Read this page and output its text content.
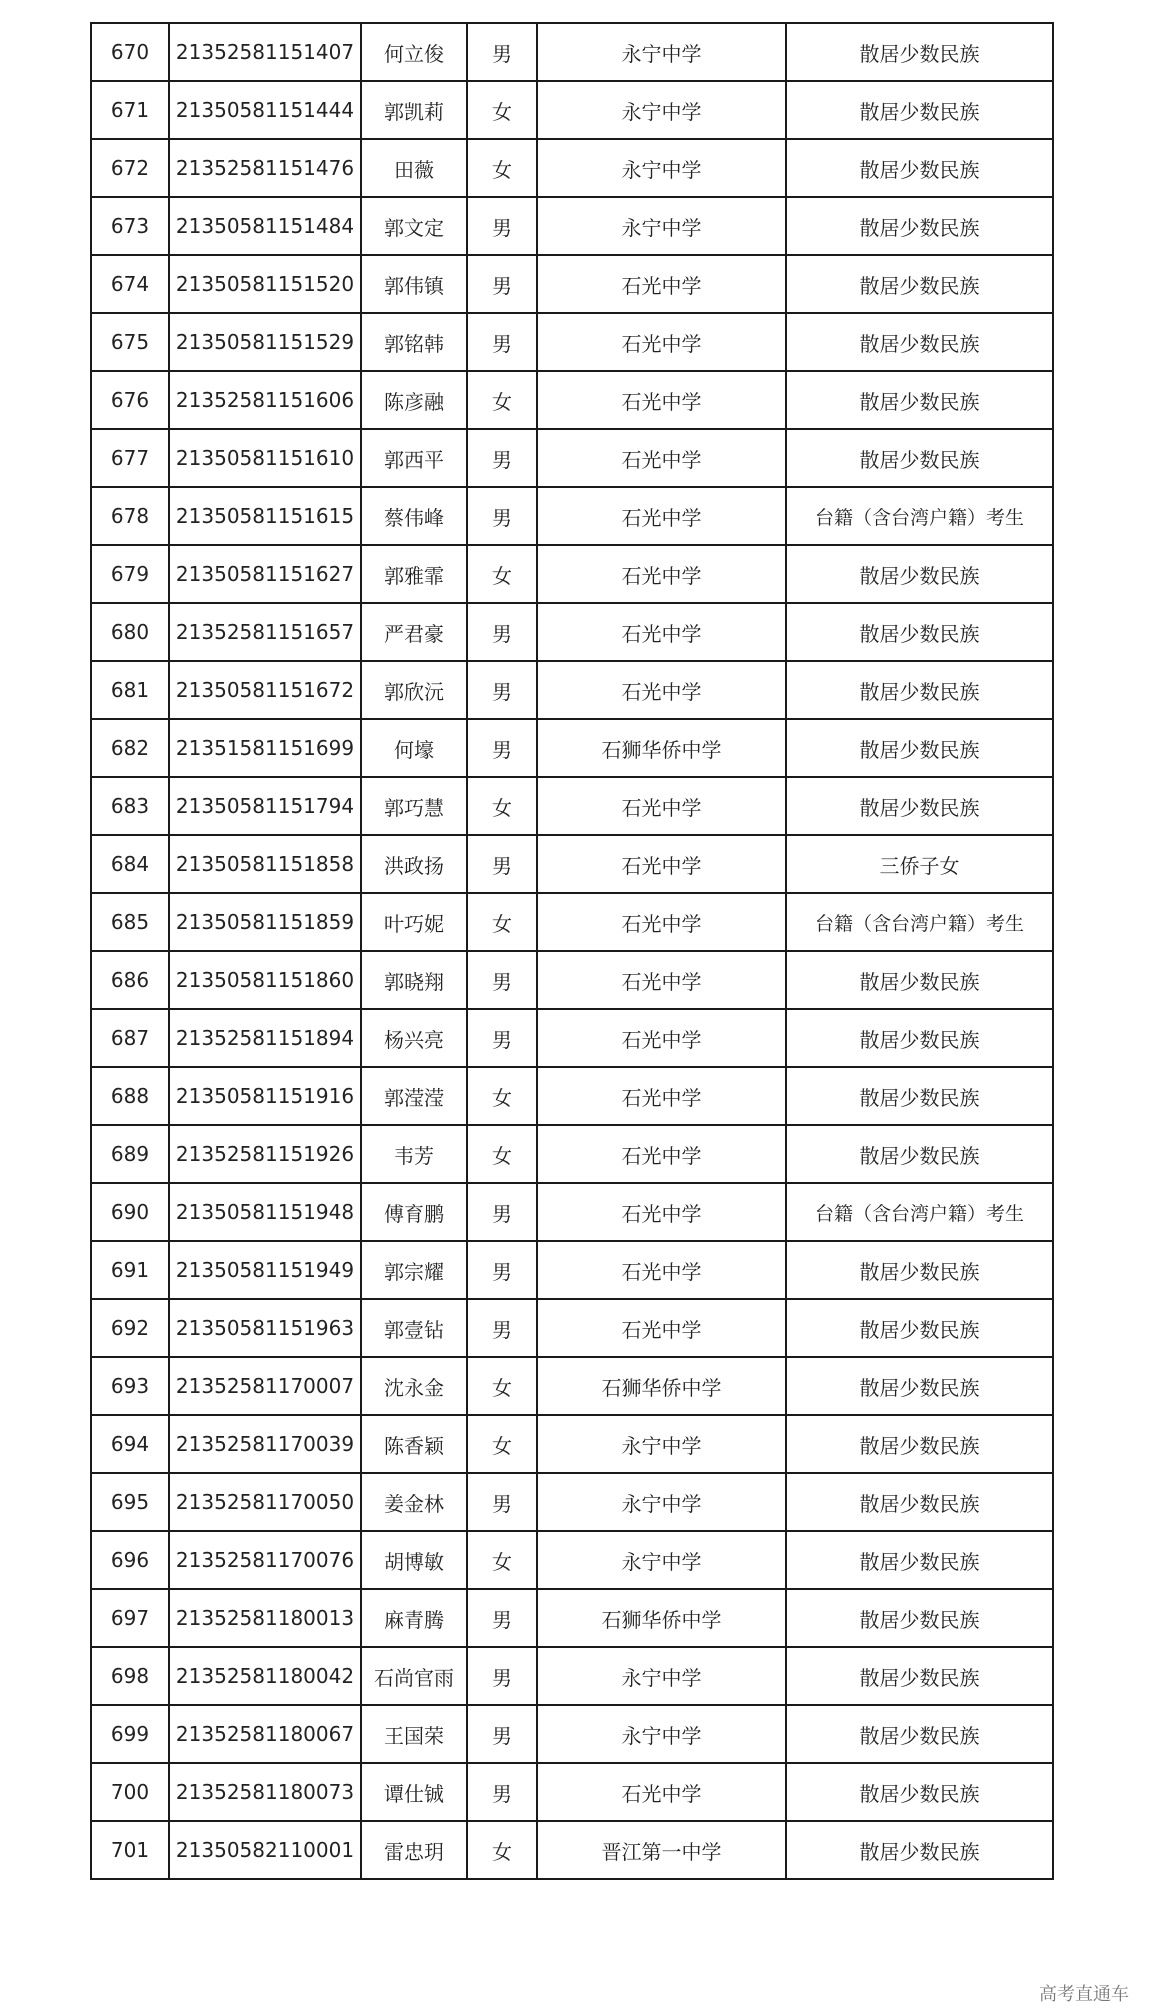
670	21352581151407	何立俊	男	永宁中学	散居少数民族
671	21350581151444	郭凯莉	女	永宁中学	散居少数民族
672	21352581151476	田薇	女	永宁中学	散居少数民族
673	21350581151484	郭文定	男	永宁中学	散居少数民族
674	21350581151520	郭伟镇	男	石光中学	散居少数民族
675	21350581151529	郭铭韩	男	石光中学	散居少数民族
676	21352581151606	陈彦融	女	石光中学	散居少数民族
677	21350581151610	郭西平	男	石光中学	散居少数民族
678	21350581151615	蔡伟峰	男	石光中学	台籍（含台湾户籍）考生
679	21350581151627	郭雅霏	女	石光中学	散居少数民族
680	21352581151657	严君豪	男	石光中学	散居少数民族
681	21350581151672	郭欣沅	男	石光中学	散居少数民族
682	21351581151699	何壕	男	石狮华侨中学	散居少数民族
683	21350581151794	郭巧慧	女	石光中学	散居少数民族
684	21350581151858	洪政扬	男	石光中学	三侨子女
685	21350581151859	叶巧妮	女	石光中学	台籍（含台湾户籍）考生
686	21350581151860	郭晓翔	男	石光中学	散居少数民族
687	21352581151894	杨兴亮	男	石光中学	散居少数民族
688	21350581151916	郭滢滢	女	石光中学	散居少数民族
689	21352581151926	韦芳	女	石光中学	散居少数民族
690	21350581151948	傅育鹏	男	石光中学	台籍（含台湾户籍）考生
691	21350581151949	郭宗耀	男	石光中学	散居少数民族
692	21350581151963	郭壹钻	男	石光中学	散居少数民族
693	21352581170007	沈永金	女	石狮华侨中学	散居少数民族
694	21352581170039	陈香颖	女	永宁中学	散居少数民族
695	21352581170050	姜金林	男	永宁中学	散居少数民族
696	21352581170076	胡博敏	女	永宁中学	散居少数民族
697	21352581180013	麻青腾	男	石狮华侨中学	散居少数民族
698	21352581180042	石尚官雨	男	永宁中学	散居少数民族
699	21352581180067	王国荣	男	永宁中学	散居少数民族
700	21352581180073	谭仕铖	男	石光中学	散居少数民族
701	21350582110001	雷忠玥	女	晋江第一中学	散居少数民族
高考直通车
